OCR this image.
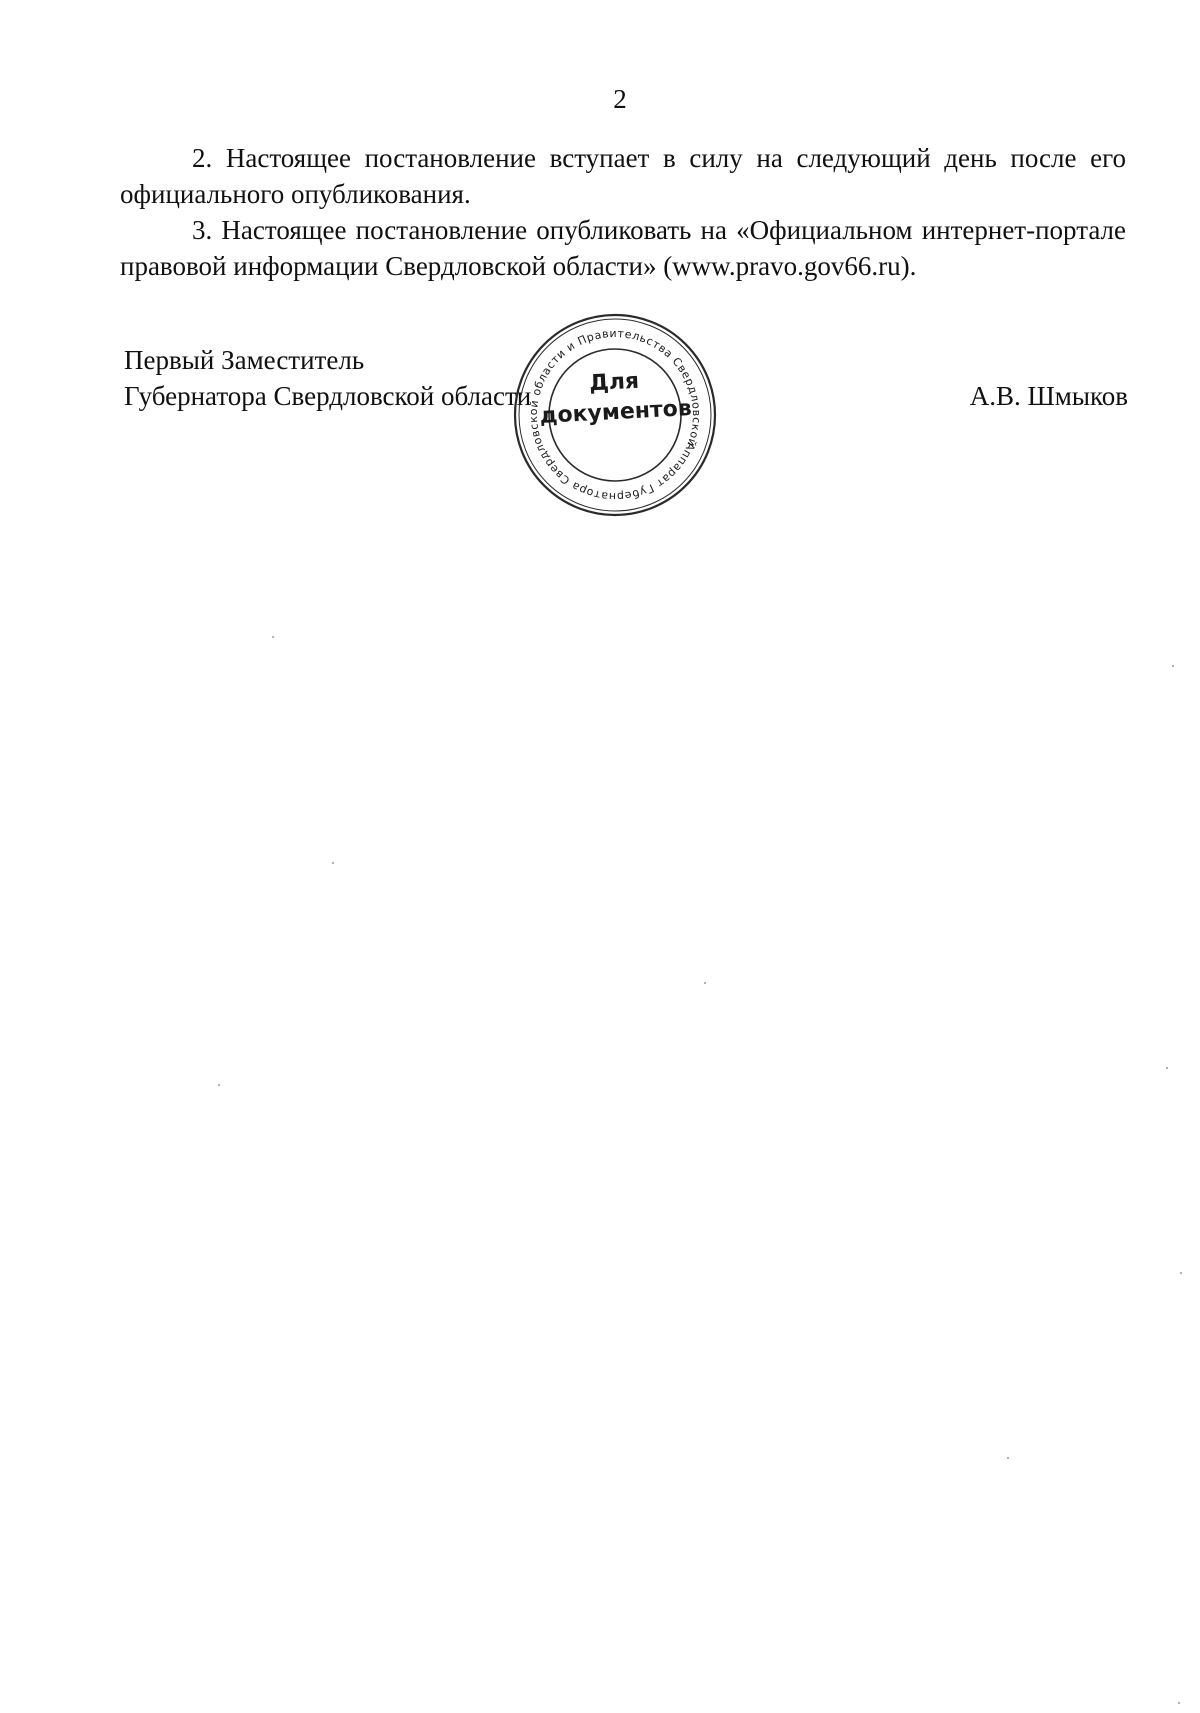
2

2. Настоящее постановление вступает в силу на следующий день после его официального опубликования.

3. Настоящее постановление опубликовать на «Официальном интернет-портале правовой информации Свердловской области» (www.pravo.gov66.ru).

Первый Заместитель
Губернатора Свердловской области	А.В. Шмыков
Аппарат Губернатора Свердловской области и Правительства Свердловской
Для
документов
